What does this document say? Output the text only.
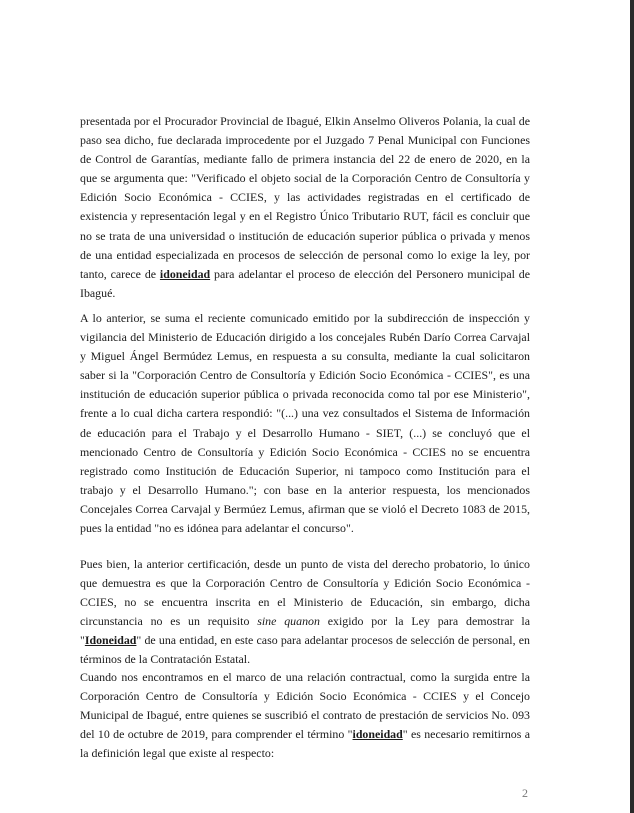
presentada por el Procurador Provincial de Ibagué, Elkin Anselmo Oliveros Polania, la cual de paso sea dicho, fue declarada improcedente por el Juzgado 7 Penal Municipal con Funciones de Control de Garantías, mediante fallo de primera instancia del 22 de enero de 2020, en la que se argumenta que: "Verificado el objeto social de la Corporación Centro de Consultoría y Edición Socio Económica - CCIES, y las actividades registradas en el certificado de existencia y representación legal y en el Registro Único Tributario RUT, fácil es concluir que no se trata de una universidad o institución de educación superior pública o privada y menos de una entidad especializada en procesos de selección de personal como lo exige la ley, por tanto, carece de idoneidad para adelantar el proceso de elección del Personero municipal de Ibagué.

A lo anterior, se suma el reciente comunicado emitido por la subdirección de inspección y vigilancia del Ministerio de Educación dirigido a los concejales Rubén Darío Correa Carvajal y Miguel Ángel Bermúdez Lemus, en respuesta a su consulta, mediante la cual solicitaron saber si la "Corporación Centro de Consultoría y Edición Socio Económica - CCIES", es una institución de educación superior pública o privada reconocida como tal por ese Ministerio", frente a lo cual dicha cartera respondió: "(...) una vez consultados el Sistema de Información de educación para el Trabajo y el Desarrollo Humano - SIET, (...) se concluyó que el mencionado Centro de Consultoría y Edición Socio Económica - CCIES no se encuentra registrado como Institución de Educación Superior, ni tampoco como Institución para el trabajo y el Desarrollo Humano."; con base en la anterior respuesta, los mencionados Concejales Correa Carvajal y Bermúez Lemus, afirman que se violó el Decreto 1083 de 2015, pues la entidad "no es idónea para adelantar el concurso".

Pues bien, la anterior certificación, desde un punto de vista del derecho probatorio, lo único que demuestra es que la Corporación Centro de Consultoría y Edición Socio Económica - CCIES, no se encuentra inscrita en el Ministerio de Educación, sin embargo, dicha circunstancia no es un requisito sine quanon exigido por la Ley para demostrar la "Idoneidad" de una entidad, en este caso para adelantar procesos de selección de personal, en términos de la Contratación Estatal.

Cuando nos encontramos en el marco de una relación contractual, como la surgida entre la Corporación Centro de Consultoría y Edición Socio Económica - CCIES y el Concejo Municipal de Ibagué, entre quienes se suscribió el contrato de prestación de servicios No. 093 del 10 de octubre de 2019, para comprender el término "idoneidad" es necesario remitirnos a la definición legal que existe al respecto:

2
